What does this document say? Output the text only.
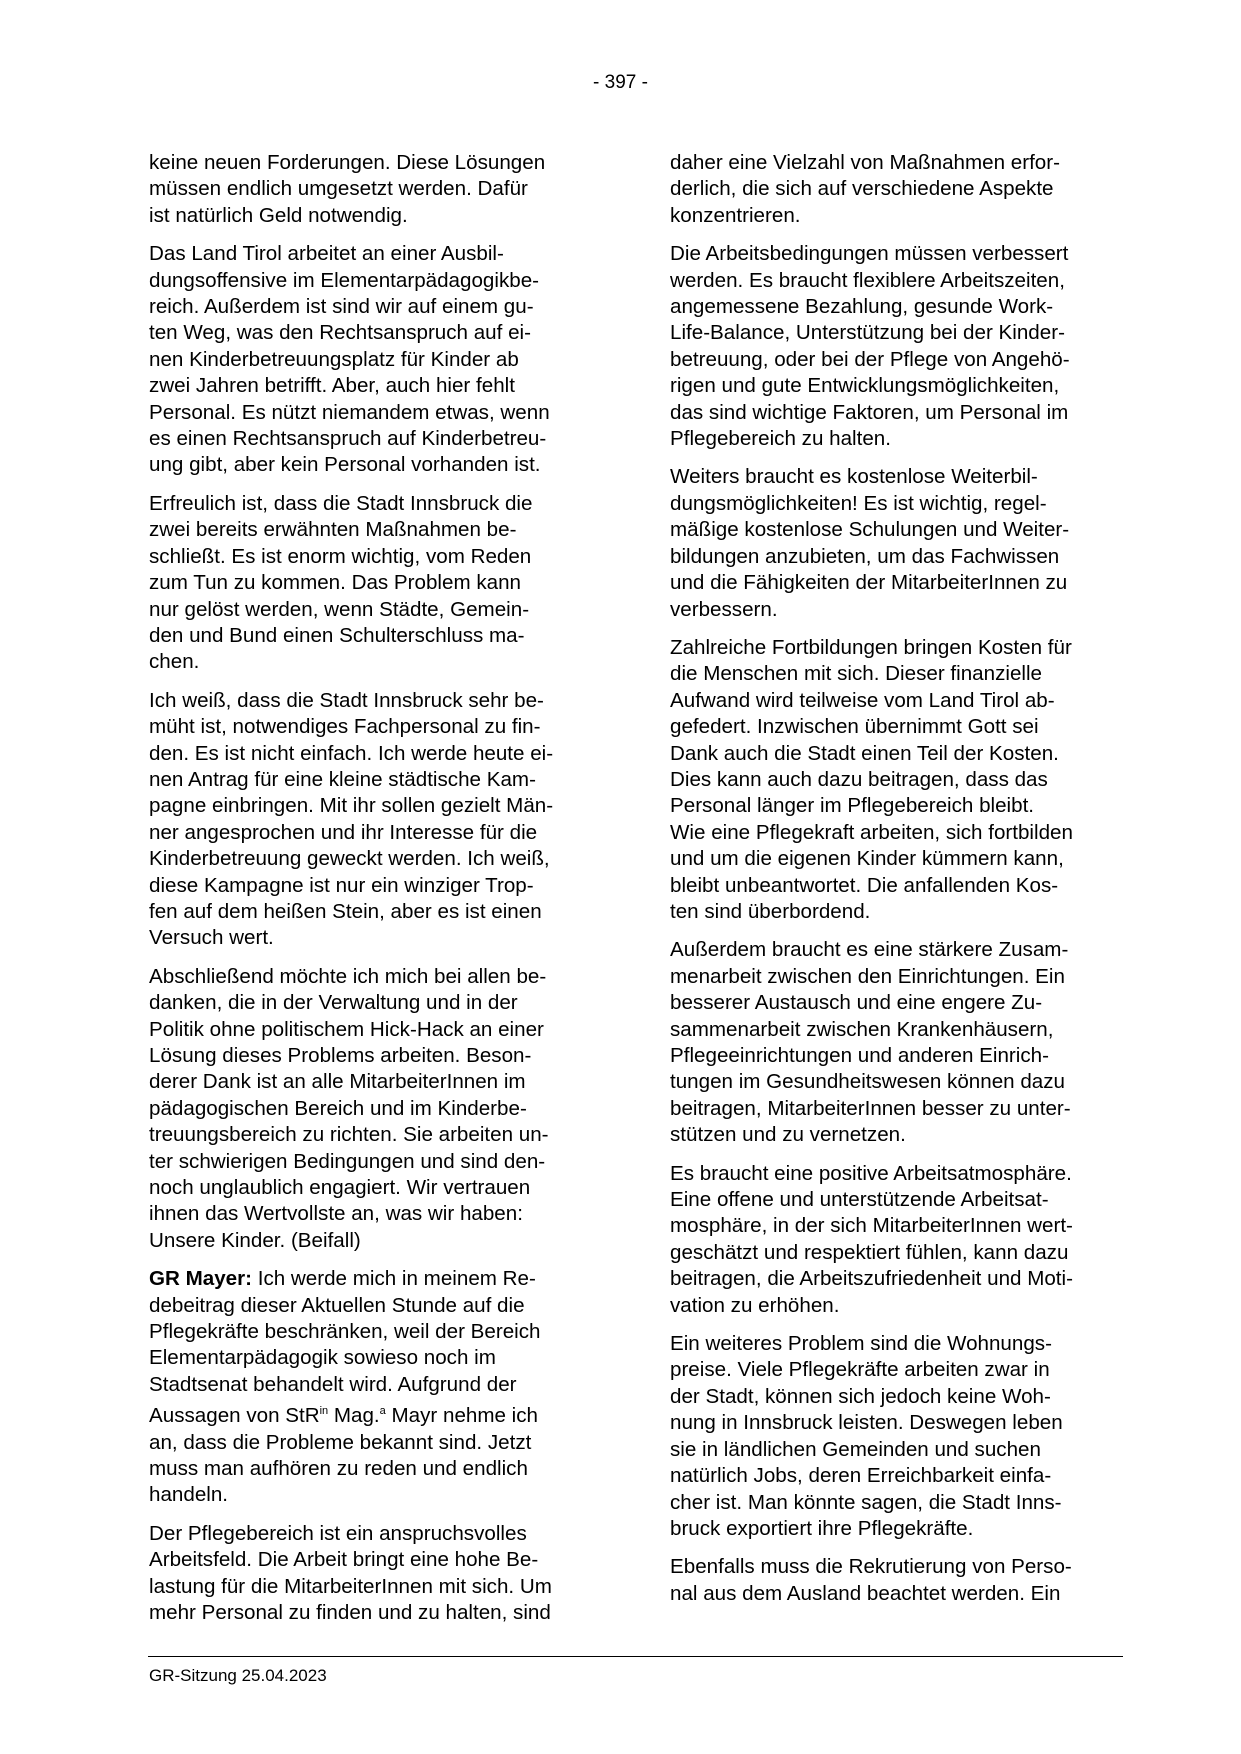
- 397 -

keine neuen Forderungen. Diese Lösungen
müssen endlich umgesetzt werden. Dafür
ist natürlich Geld notwendig.

Das Land Tirol arbeitet an einer Ausbil-
dungsoffensive im Elementarpädagogikbe-
reich. Außerdem ist sind wir auf einem gu-
ten Weg, was den Rechtsanspruch auf ei-
nen Kinderbetreuungsplatz für Kinder ab
zwei Jahren betrifft. Aber, auch hier fehlt
Personal. Es nützt niemandem etwas, wenn
es einen Rechtsanspruch auf Kinderbetreu-
ung gibt, aber kein Personal vorhanden ist.

Erfreulich ist, dass die Stadt Innsbruck die
zwei bereits erwähnten Maßnahmen be-
schließt. Es ist enorm wichtig, vom Reden
zum Tun zu kommen. Das Problem kann
nur gelöst werden, wenn Städte, Gemein-
den und Bund einen Schulterschluss ma-
chen.

Ich weiß, dass die Stadt Innsbruck sehr be-
müht ist, notwendiges Fachpersonal zu fin-
den. Es ist nicht einfach. Ich werde heute ei-
nen Antrag für eine kleine städtische Kam-
pagne einbringen. Mit ihr sollen gezielt Män-
ner angesprochen und ihr Interesse für die
Kinderbetreuung geweckt werden. Ich weiß,
diese Kampagne ist nur ein winziger Trop-
fen auf dem heißen Stein, aber es ist einen
Versuch wert.

Abschließend möchte ich mich bei allen be-
danken, die in der Verwaltung und in der
Politik ohne politischem Hick-Hack an einer
Lösung dieses Problems arbeiten. Beson-
derer Dank ist an alle MitarbeiterInnen im
pädagogischen Bereich und im Kinderbe-
treuungsbereich zu richten. Sie arbeiten un-
ter schwierigen Bedingungen und sind den-
noch unglaublich engagiert. Wir vertrauen
ihnen das Wertvollste an, was wir haben:
Unsere Kinder. (Beifall)

GR Mayer: Ich werde mich in meinem Re-
debeitrag dieser Aktuellen Stunde auf die
Pflegekräfte beschränken, weil der Bereich
Elementarpädagogik sowieso noch im
Stadtsenat behandelt wird. Aufgrund der
Aussagen von StR$^{in}$ Mag.$^a$ Mayr nehme ich
an, dass die Probleme bekannt sind. Jetzt
muss man aufhören zu reden und endlich
handeln.

Der Pflegebereich ist ein anspruchsvolles
Arbeitsfeld. Die Arbeit bringt eine hohe Be-
lastung für die MitarbeiterInnen mit sich. Um
mehr Personal zu finden und zu halten, sind

daher eine Vielzahl von Maßnahmen erfor-
derlich, die sich auf verschiedene Aspekte
konzentrieren.

Die Arbeitsbedingungen müssen verbessert
werden. Es braucht flexiblere Arbeitszeiten,
angemessene Bezahlung, gesunde Work-
Life-Balance, Unterstützung bei der Kinder-
betreuung, oder bei der Pflege von Angehö-
rigen und gute Entwicklungsmöglichkeiten,
das sind wichtige Faktoren, um Personal im
Pflegebereich zu halten.

Weiters braucht es kostenlose Weiterbil-
dungsmöglichkeiten! Es ist wichtig, regel-
mäßige kostenlose Schulungen und Weiter-
bildungen anzubieten, um das Fachwissen
und die Fähigkeiten der MitarbeiterInnen zu
verbessern.

Zahlreiche Fortbildungen bringen Kosten für
die Menschen mit sich. Dieser finanzielle
Aufwand wird teilweise vom Land Tirol ab-
gefedert. Inzwischen übernimmt Gott sei
Dank auch die Stadt einen Teil der Kosten.
Dies kann auch dazu beitragen, dass das
Personal länger im Pflegebereich bleibt.
Wie eine Pflegekraft arbeiten, sich fortbilden
und um die eigenen Kinder kümmern kann,
bleibt unbeantwortet. Die anfallenden Kos-
ten sind überbordend.

Außerdem braucht es eine stärkere Zusam-
menarbeit zwischen den Einrichtungen. Ein
besserer Austausch und eine engere Zu-
sammenarbeit zwischen Krankenhäusern,
Pflegeeinrichtungen und anderen Einrich-
tungen im Gesundheitswesen können dazu
beitragen, MitarbeiterInnen besser zu unter-
stützen und zu vernetzen.

Es braucht eine positive Arbeitsatmosphäre.
Eine offene und unterstützende Arbeitsat-
mosphäre, in der sich MitarbeiterInnen wert-
geschätzt und respektiert fühlen, kann dazu
beitragen, die Arbeitszufriedenheit und Moti-
vation zu erhöhen.

Ein weiteres Problem sind die Wohnungs-
preise. Viele Pflegekräfte arbeiten zwar in
der Stadt, können sich jedoch keine Woh-
nung in Innsbruck leisten. Deswegen leben
sie in ländlichen Gemeinden und suchen
natürlich Jobs, deren Erreichbarkeit einfa-
cher ist. Man könnte sagen, die Stadt Inns-
bruck exportiert ihre Pflegekräfte.

Ebenfalls muss die Rekrutierung von Perso-
nal aus dem Ausland beachtet werden. Ein

GR-Sitzung 25.04.2023
